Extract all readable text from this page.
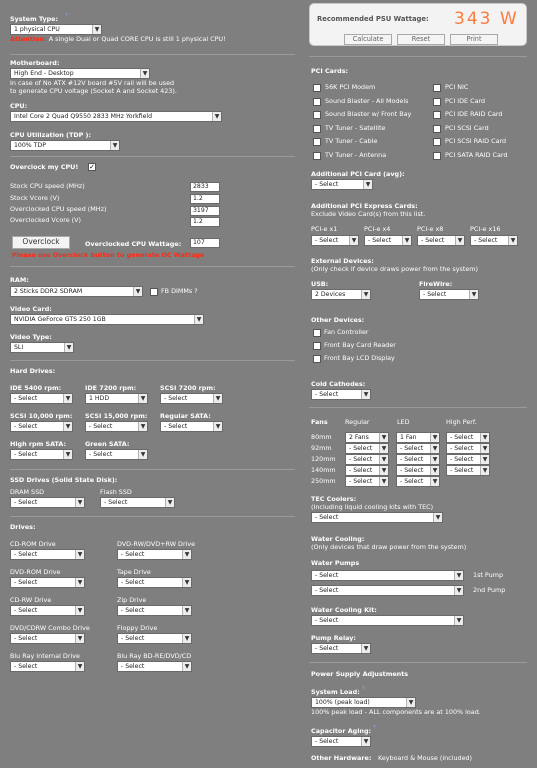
System Type: ?
1 physical CPU	▼
Attention: A single Dual or Quad CORE CPU is still 1 physical CPU!
Motherboard:
High End - Desktop	▼
In case of No ATX #12V board #5V rail will be used
to generate CPU voltage (Socket A and Socket 423).
CPU:
Intel Core 2 Quad Q9550 2833 MHz Yorkfield	▼
CPU Utilization (TDP ):
100% TDP	▼
Overclock my CPU! ✓
Stock CPU speed (MHz)	2833
Stock Vcore (V)	1.2
Overclocked CPU speed (MHz)	3197
Overclocked Vcore (V)	1.2
Overclock	Overclocked CPU Wattage:	107
Please use Overclock button to generate OC Wattage
RAM:
2 Sticks DDR2 SDRAM	▼	FB DIMMs ?
Video Card:
NVIDIA GeForce GTS 250 1GB	▼
Video Type:
SLI	▼
Hard Drives:
IDE 5400 rpm:
- Select	▼
IDE 7200 rpm:
1 HDD	▼
SCSI 7200 rpm:
- Select	▼
SCSI 10,000 rpm:
- Select	▼
SCSI 15,000 rpm:
- Select	▼
Regular SATA:
- Select	▼
High rpm SATA:
- Select	▼
Green SATA:
- Select	▼
SSD Drives (Solid State Disk):
DRAM SSD
- Select	▼
Flash SSD
- Select	▼
Drives:
CD-ROM Drive
- Select	▼
DVD-RW/DVD+RW Drive
- Select	▼
DVD-ROM Drive
- Select	▼
Tape Drive
- Select	▼
CD-RW Drive
- Select	▼
Zip Drive
- Select	▼
DVD/CDRW Combo Drive
- Select	▼
Floppy Drive
- Select	▼
Blu Ray Internal Drive
- Select	▼
Blu Ray BD-RE/DVD/CD
- Select	▼
Recommended PSU Wattage: 343 W
Calculate	Reset	Print
PCI Cards:
56K PCI Modem
Sound Blaster - All Models
Sound Blaster w/ Front Bay
TV Tuner - Satellite
TV Tuner - Cable
TV Tuner - Antenna
PCI NIC
PCI IDE Card
PCI IDE RAID Card
PCI SCSI Card
PCI SCSI RAID Card
PCI SATA RAID Card
Additional PCI Card (avg):
- Select	▼
Additional PCI Express Cards:
Exclude Video Card(s) from this list.
PCI-e x1
- Select	▼
PCI-e x4
- Select	▼
PCI-e x8
- Select	▼
PCI-e x16
- Select	▼
External Devices:
(Only check if device draws power from the system)
USB:
2 Devices	▼
FireWire:
- Select	▼
Other Devices:
Fan Controller
Front Bay Card Reader
Front Bay LCD Display
Cold Cathodes:
- Select	▼
Fans	Regular	LED	High Perf.
80mm	2 Fans	▼	1 Fan	▼	- Select	▼
92mm	- Select	▼	- Select	▼	- Select	▼
120mm	- Select	▼	- Select	▼	- Select	▼
140mm	- Select	▼	- Select	▼	- Select	▼
250mm	- Select	▼	- Select	▼
TEC Coolers:
(Including liquid cooling kits with TEC)
- Select	▼
Water Cooling:
(Only devices that draw power from the system)
Water Pumps
- Select	▼ 1st Pump
- Select	▼ 2nd Pump
Water Cooling Kit:
- Select	▼
Pump Relay:
- Select	▼
Power Supply Adjustments
System Load: ?
100% (peak load)	▼
100% peak load - ALL components are at 100% load.
Capacitor Aging: ?
- Select	▼
Other Hardware: Keyboard & Mouse (included)
